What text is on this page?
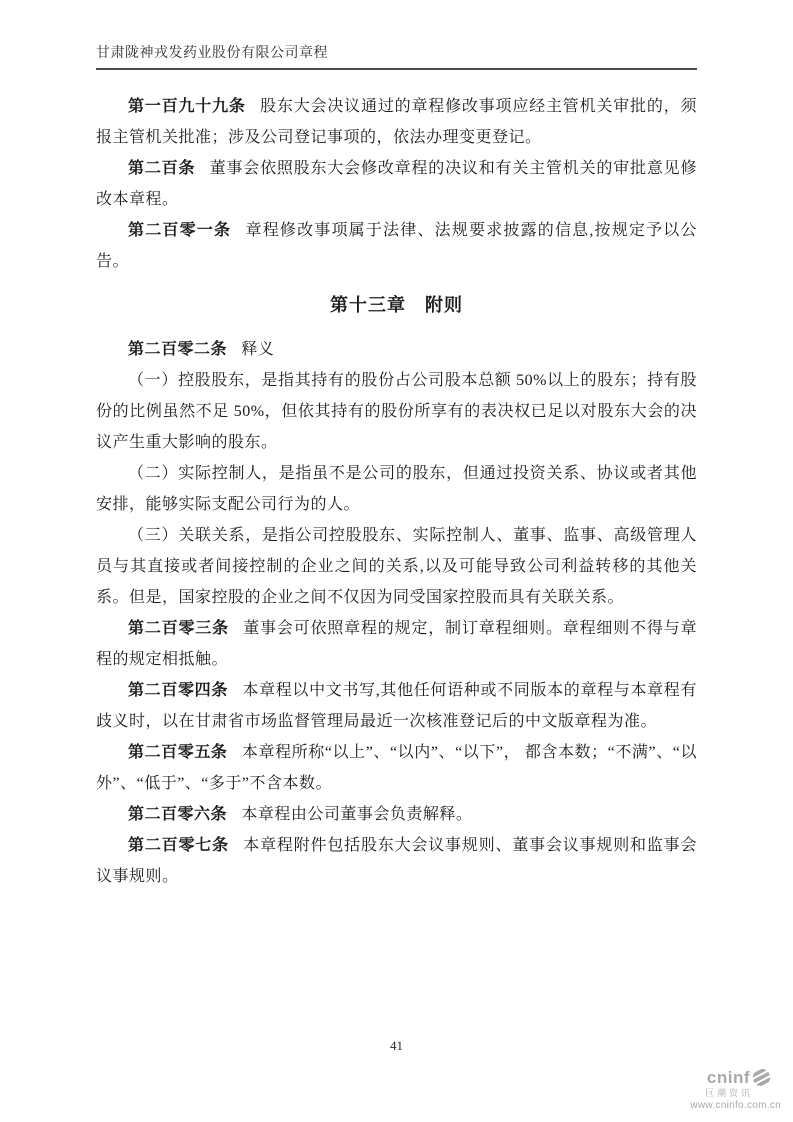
甘肃陇神戎发药业股份有限公司章程

第一百九十九条 股东大会决议通过的章程修改事项应经主管机关审批的，须报主管机关批准；涉及公司登记事项的，依法办理变更登记。

第二百条 董事会依照股东大会修改章程的决议和有关主管机关的审批意见修改本章程。

第二百零一条 章程修改事项属于法律、法规要求披露的信息,按规定予以公告。

第十三章　附则

第二百零二条 释义

（一）控股股东，是指其持有的股份占公司股本总额 50%以上的股东；持有股份的比例虽然不足 50%，但依其持有的股份所享有的表决权已足以对股东大会的决议产生重大影响的股东。

（二）实际控制人，是指虽不是公司的股东，但通过投资关系、协议或者其他安排，能够实际支配公司行为的人。

（三）关联关系，是指公司控股股东、实际控制人、董事、监事、高级管理人员与其直接或者间接控制的企业之间的关系,以及可能导致公司利益转移的其他关系。但是，国家控股的企业之间不仅因为同受国家控股而具有关联关系。

第二百零三条 董事会可依照章程的规定，制订章程细则。章程细则不得与章程的规定相抵触。

第二百零四条 本章程以中文书写,其他任何语种或不同版本的章程与本章程有歧义时，以在甘肃省市场监督管理局最近一次核准登记后的中文版章程为准。

第二百零五条 本章程所称“以上”、“以内”、“以下”， 都含本数；“不满”、“以外”、“低于”、“多于”不含本数。

第二百零六条 本章程由公司董事会负责解释。

第二百零七条 本章程附件包括股东大会议事规则、董事会议事规则和监事会议事规则。

41
cninf
巨潮资讯
www.cninfo.com.cn
